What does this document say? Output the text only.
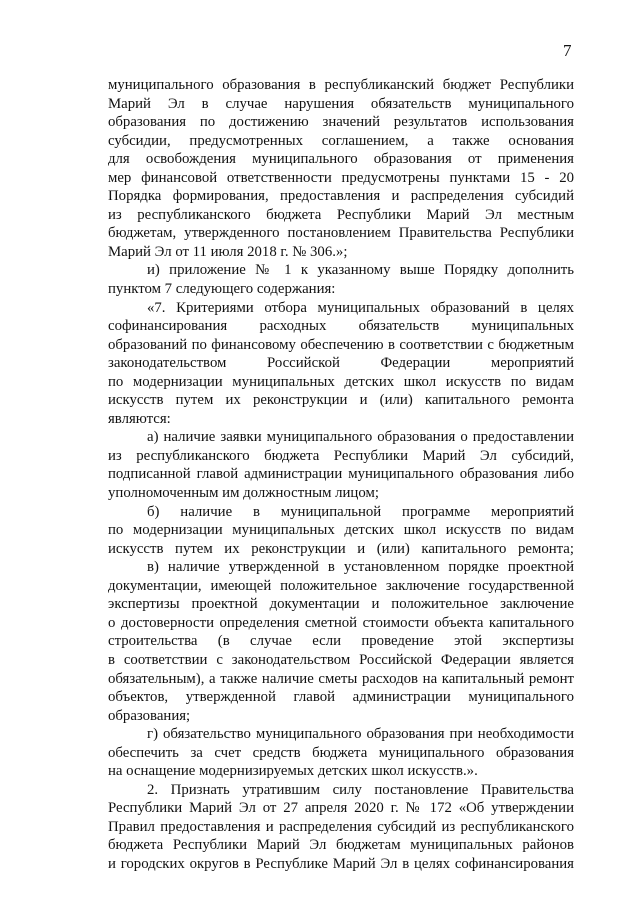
7
муниципального образования в республиканский бюджет Республики
Марий Эл в случае нарушения обязательств муниципального
образования по достижению значений результатов использования
субсидии, предусмотренных соглашением, а также основания
для освобождения муниципального образования от применения
мер финансовой ответственности предусмотрены пунктами 15 - 20
Порядка формирования, предоставления и распределения субсидий
из республиканского бюджета Республики Марий Эл местным
бюджетам, утвержденного постановлением Правительства Республики
Марий Эл от 11 июля 2018 г. № 306.»;
и) приложение № 1 к указанному выше Порядку дополнить
пунктом 7 следующего содержания:
«7. Критериями отбора муниципальных образований в целях
софинансирования расходных обязательств муниципальных
образований по финансовому обеспечению в соответствии с бюджетным
законодательством Российской Федерации мероприятий
по модернизации муниципальных детских школ искусств по видам
искусств путем их реконструкции и (или) капитального ремонта
являются:
а) наличие заявки муниципального образования о предоставлении
из республиканского бюджета Республики Марий Эл субсидий,
подписанной главой администрации муниципального образования либо
уполномоченным им должностным лицом;
б) наличие в муниципальной программе мероприятий
по модернизации муниципальных детских школ искусств по видам
искусств путем их реконструкции и (или) капитального ремонта;
в) наличие утвержденной в установленном порядке проектной
документации, имеющей положительное заключение государственной
экспертизы проектной документации и положительное заключение
о достоверности определения сметной стоимости объекта капитального
строительства (в случае если проведение этой экспертизы
в соответствии с законодательством Российской Федерации является
обязательным), а также наличие сметы расходов на капитальный ремонт
объектов, утвержденной главой администрации муниципального
образования;
г) обязательство муниципального образования при необходимости
обеспечить за счет средств бюджета муниципального образования
на оснащение модернизируемых детских школ искусств.».
2. Признать утратившим силу постановление Правительства
Республики Марий Эл от 27 апреля 2020 г. № 172 «Об утверждении
Правил предоставления и распределения субсидий из республиканского
бюджета Республики Марий Эл бюджетам муниципальных районов
и городских округов в Республике Марий Эл в целях софинансирования
